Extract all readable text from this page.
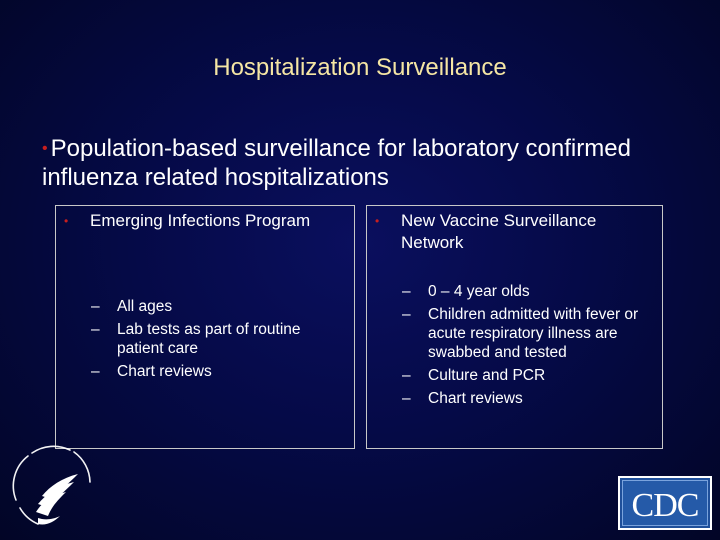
Hospitalization Surveillance
• Population-based surveillance for laboratory confirmed influenza related hospitalizations
• Emerging Infections Program
– All ages
– Lab tests as part of routine patient care
– Chart reviews
• New Vaccine Surveillance Network
– 0 – 4 year olds
– Children admitted with fever or acute respiratory illness are swabbed and tested
– Culture and PCR
– Chart reviews
CDC
